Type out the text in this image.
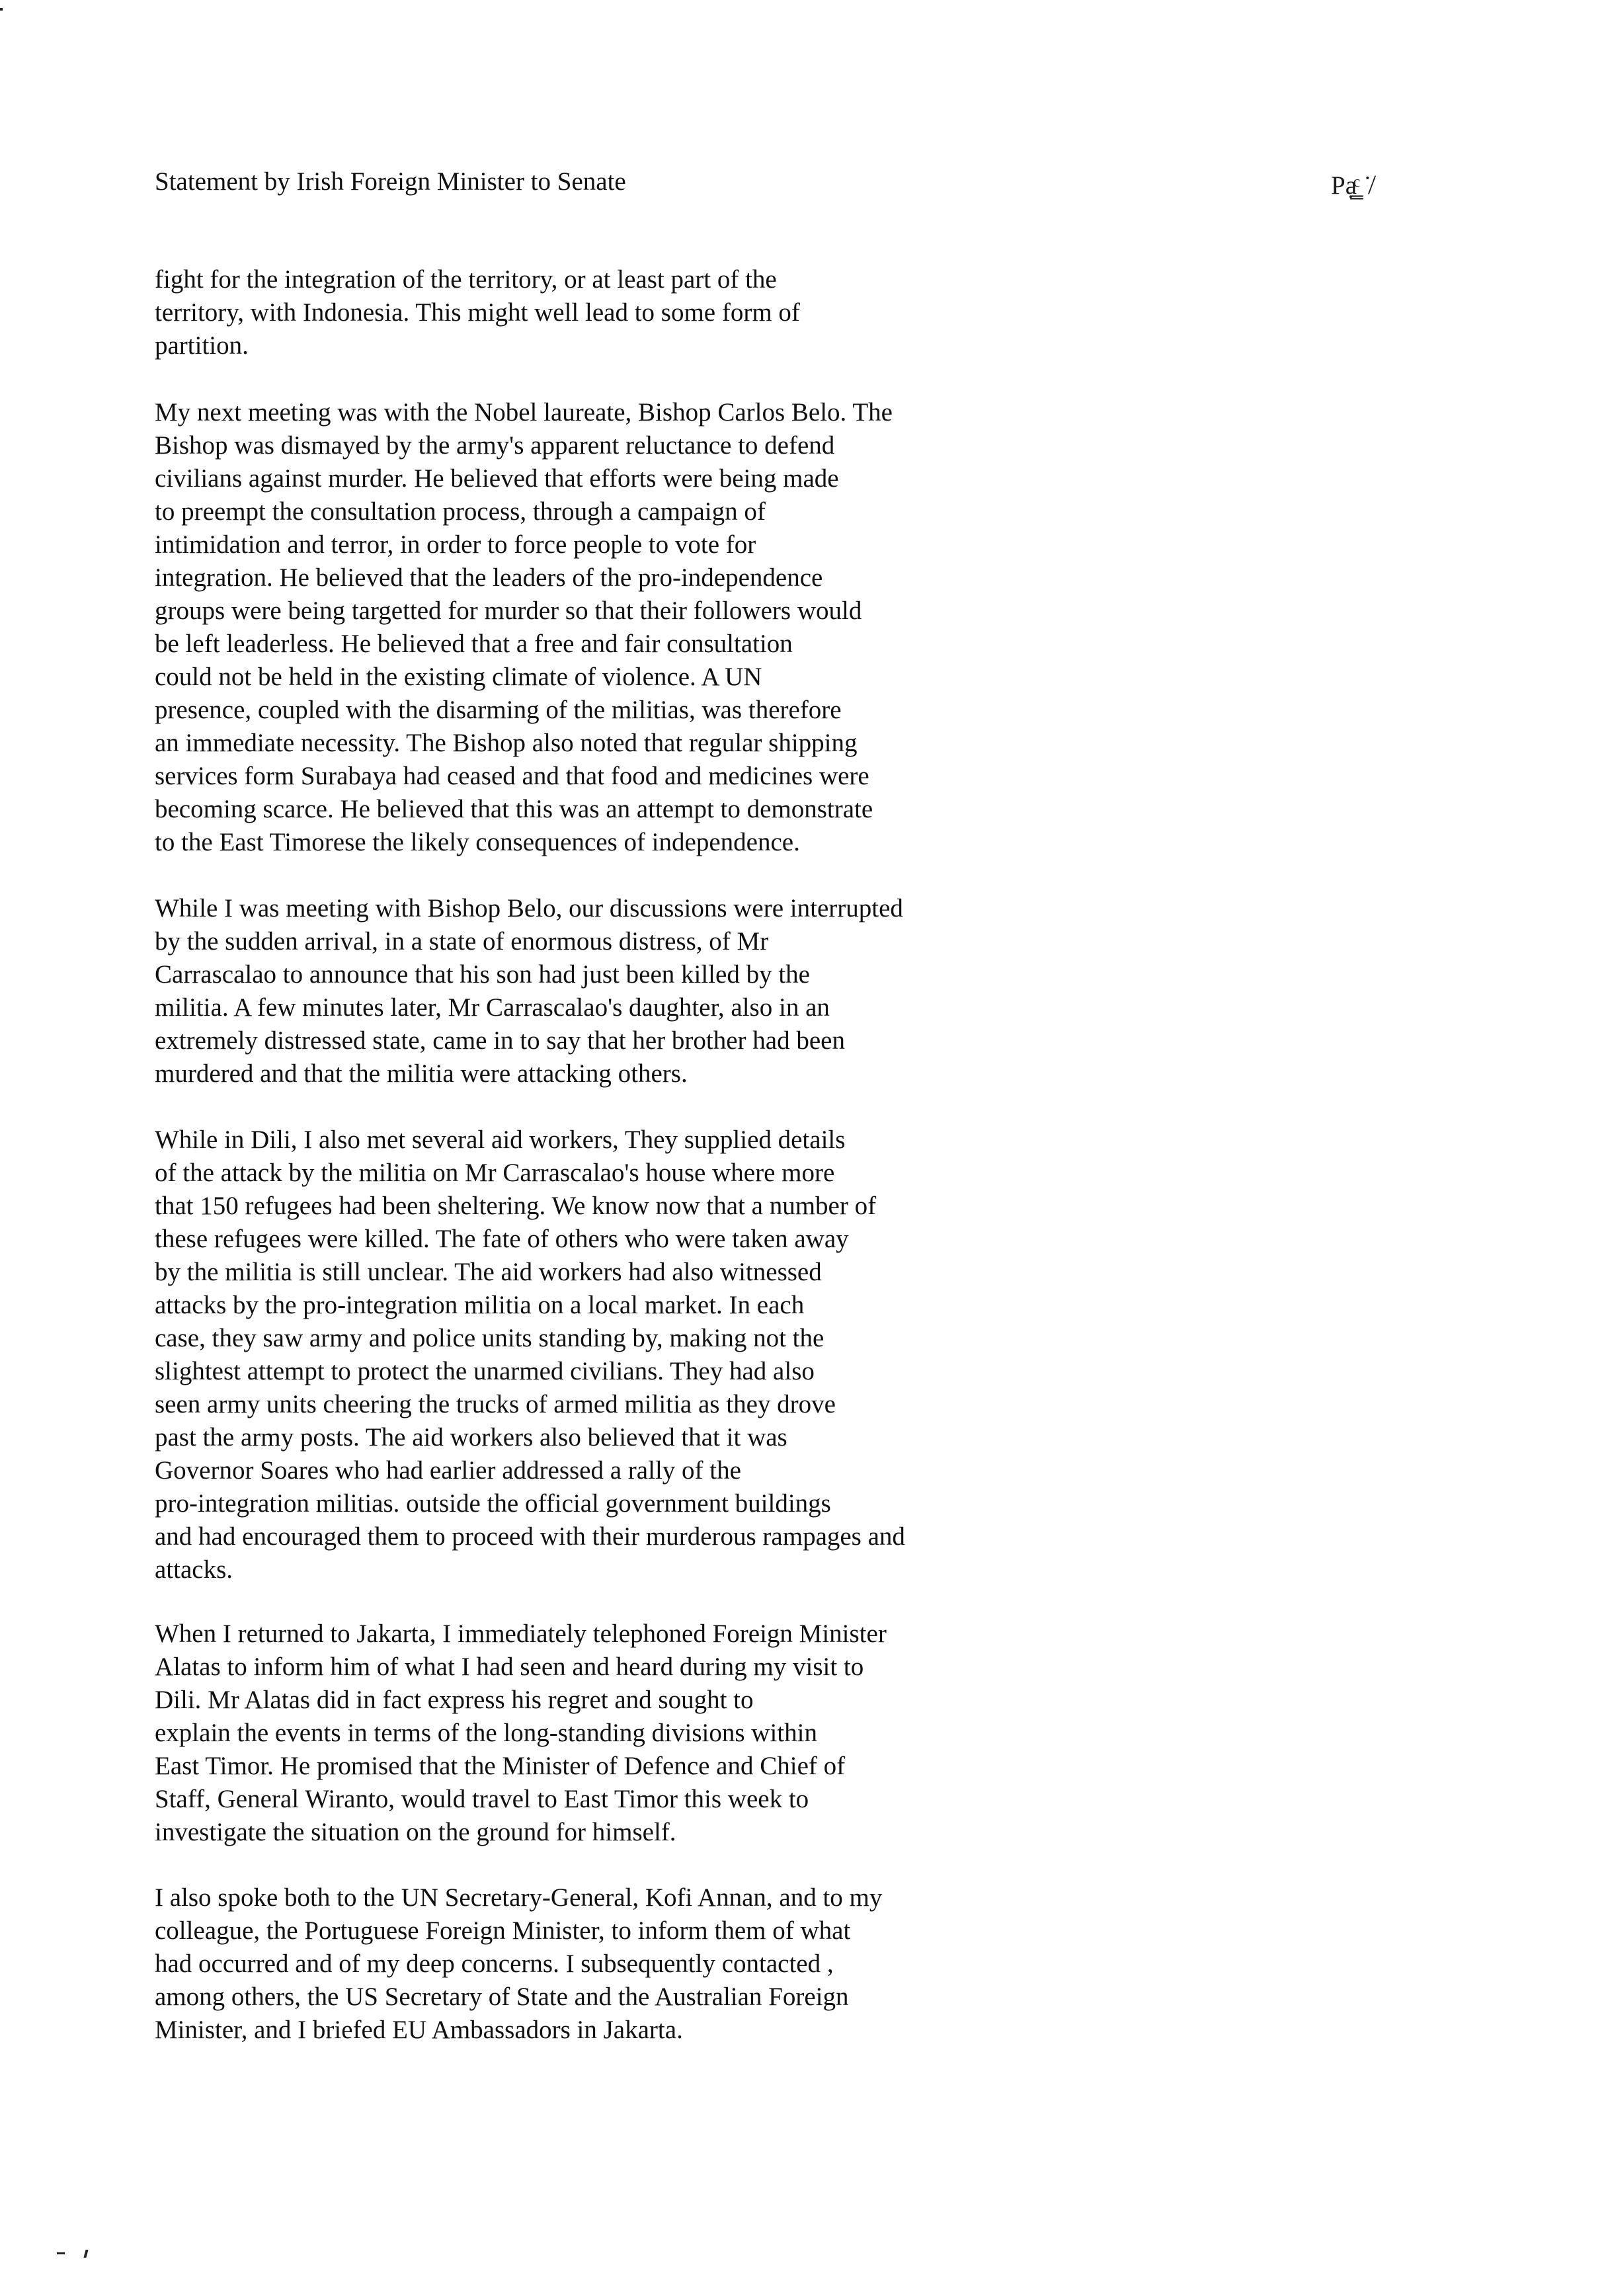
Statement by Irish Foreign Minister to Senate	Pạ̳ͨ ˙̸
fight for the integration of the territory, or at least part of the
territory, with Indonesia. This might well lead to some form of
partition.
My next meeting was with the Nobel laureate, Bishop Carlos Belo. The
Bishop was dismayed by the army's apparent reluctance to defend
civilians against murder. He believed that efforts were being made
to preempt the consultation process, through a campaign of
intimidation and terror, in order to force people to vote for
integration. He believed that the leaders of the pro-independence
groups were being targetted for murder so that their followers would
be left leaderless. He believed that a free and fair consultation
could not be held in the existing climate of violence. A UN
presence, coupled with the disarming of the militias, was therefore
an immediate necessity. The Bishop also noted that regular shipping
services form Surabaya had ceased and that food and medicines were
becoming scarce. He believed that this was an attempt to demonstrate
to the East Timorese the likely consequences of independence.
While I was meeting with Bishop Belo, our discussions were interrupted
by the sudden arrival, in a state of enormous distress, of Mr
Carrascalao to announce that his son had just been killed by the
militia. A few minutes later, Mr Carrascalao's daughter, also in an
extremely distressed state, came in to say that her brother had been
murdered and that the militia were attacking others.
While in Dili, I also met several aid workers, They supplied details
of the attack by the militia on Mr Carrascalao's house where more
that 150 refugees had been sheltering. We know now that a number of
these refugees were killed. The fate of others who were taken away
by the militia is still unclear. The aid workers had also witnessed
attacks by the pro-integration militia on a local market. In each
case, they saw army and police units standing by, making not the
slightest attempt to protect the unarmed civilians. They had also
seen army units cheering the trucks of armed militia as they drove
past the army posts. The aid workers also believed that it was
Governor Soares who had earlier addressed a rally of the
pro-integration militias. outside the official government buildings
and had encouraged them to proceed with their murderous rampages and
attacks.
When I returned to Jakarta, I immediately telephoned Foreign Minister
Alatas to inform him of what I had seen and heard during my visit to
Dili. Mr Alatas did in fact express his regret and sought to
explain the events in terms of the long-standing divisions within
East Timor. He promised that the Minister of Defence and Chief of
Staff, General Wiranto, would travel to East Timor this week to
investigate the situation on the ground for himself.
I also spoke both to the UN Secretary-General, Kofi Annan, and to my
colleague, the Portuguese Foreign Minister, to inform them of what
had occurred and of my deep concerns. I subsequently contacted ,
among others, the US Secretary of State and the Australian Foreign
Minister, and I briefed EU Ambassadors in Jakarta.
